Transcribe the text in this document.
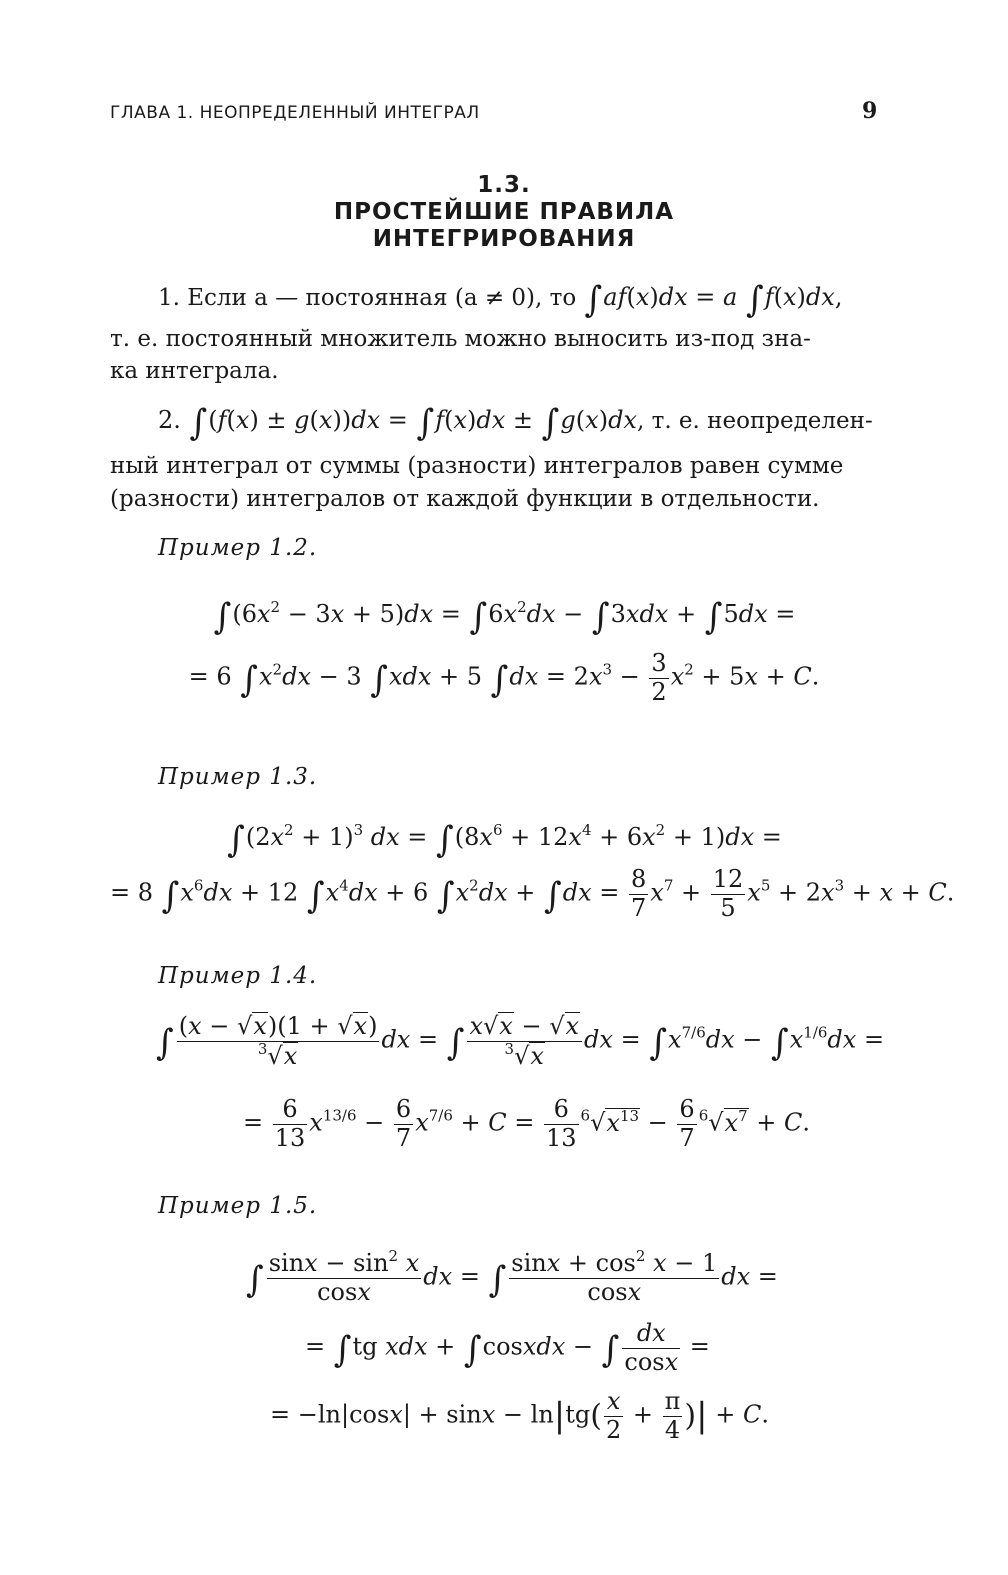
ГЛАВА 1. НЕОПРЕДЕЛЕННЫЙ ИНТЕГРАЛ	9
1.3.
ПРОСТЕЙШИЕ ПРАВИЛА
ИНТЕГРИРОВАНИЯ
1. Если a — постоянная (a ≠ 0), то ∫af(x)dx = a ∫f(x)dx,
т. е. постоянный множитель можно выносить из-под зна-
ка интеграла.
2. ∫(f(x) ± g(x))dx = ∫f(x)dx ± ∫g(x)dx, т. е. неопределен-
ный интеграл от суммы (разности) интегралов равен сумме
(разности) интегралов от каждой функции в отдельности.
Пример 1.2.
$\int(6x^2 - 3x + 5)dx = \int 6x^2dx - \int 3xdx + \int 5dx$ =
= 6 $\int x^2dx - 3$ ∫xdx + 5 $\int dx = 2x^3 - \frac{3}{2} x^2 + 5x + C$.
Пример 1.3.
$\int(2x^2 + 1)^3$ dx = $\int(8x^6 + 12x^4 + 6x^2 + 1)dx$ =
= 8 $\int x^6dx + 12$ $\int x^4dx + 6$ $\int x^2dx + \int dx = \frac{8}{7} x^7 + \frac{12}{5} x^5 + 2x^3 + x + C$.
Пример 1.4.
∫ $\frac{(x - √x)(1 + √x)}{^3√x}$ dx = ∫ $\frac{x√x - √x}{^3√x}$ dx = $\int x^{7/6}dx - \int x^{1/6}dx$ =
= $\frac{6}{13} x^{13/6} - \frac{6}{7} x^{7/6} + C = \frac{6}{13} ^6√x^{13} - \frac{6}{7} ^6√x^7 + C$.
Пример 1.5.
∫ $\frac{\sin x - \sin^2 x}{\cos x}$ dx = ∫ $\frac{\sin x + \cos^2 x - 1}{\cos x}$ dx =
= ∫tg xdx + ∫cosxdx − ∫ $\frac{dx}{\cos x}$ =
= $-\ln|\cos x| + \sin x - \ln|tg( \frac{x}{2} + \frac{\pi}{4}$ )| + C.
